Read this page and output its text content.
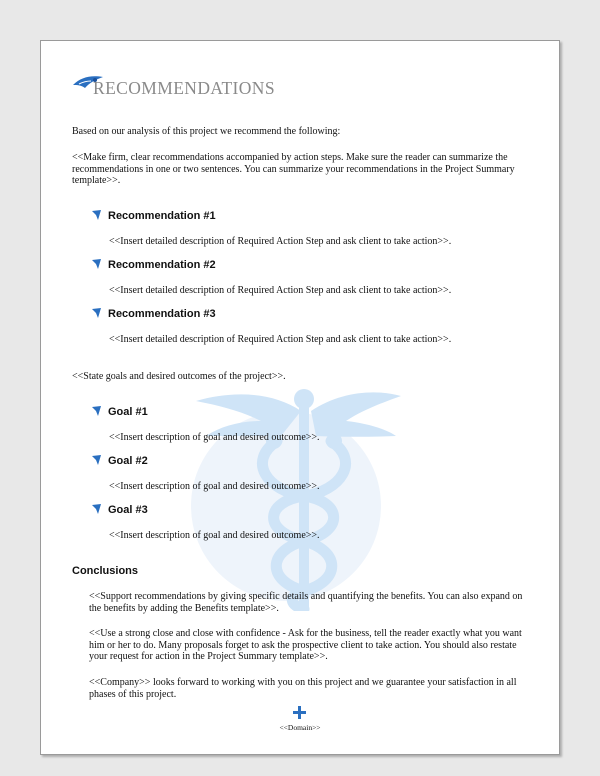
RECOMMENDATIONS
Based on our analysis of this project we recommend the following:
<<Make firm, clear recommendations accompanied by action steps. Make sure the reader can summarize the recommendations in one or two sentences. You can summarize your recommendations in the Project Summary template>>.
Recommendation #1
<<Insert detailed description of Required Action Step and ask client to take action>>.
Recommendation #2
<<Insert detailed description of Required Action Step and ask client to take action>>.
Recommendation #3
<<Insert detailed description of Required Action Step and ask client to take action>>.
<<State goals and desired outcomes of the project>>.
Goal #1
<<Insert description of goal and desired outcome>>.
Goal #2
<<Insert description of goal and desired outcome>>.
Goal #3
<<Insert description of goal and desired outcome>>.
Conclusions
<<Support recommendations by giving specific details and quantifying the benefits. You can also expand on the benefits by adding the Benefits template>>.
<<Use a strong close and close with confidence - Ask for the business, tell the reader exactly what you want him or her to do. Many proposals forget to ask the prospective client to take action. You should also restate your request for action in the Project Summary template>>.
<<Company>> looks forward to working with you on this project and we guarantee your satisfaction in all phases of this project.
<<Domain>>
